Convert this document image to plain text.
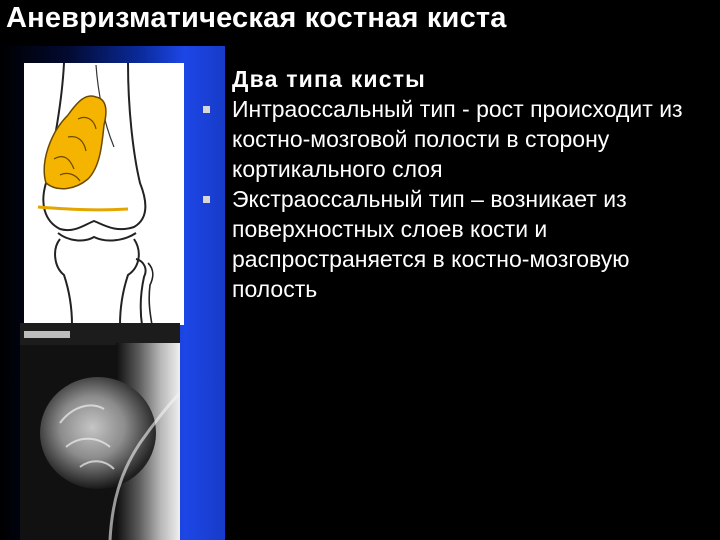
Аневризматическая костная киста
Два типа кисты
Интраоссальный тип - рост происходит из костно-мозговой полости в сторону кортикального слоя
Экстраоссальный тип – возникает из поверхностных слоев кости и распространяется в костно-мозговую полость
